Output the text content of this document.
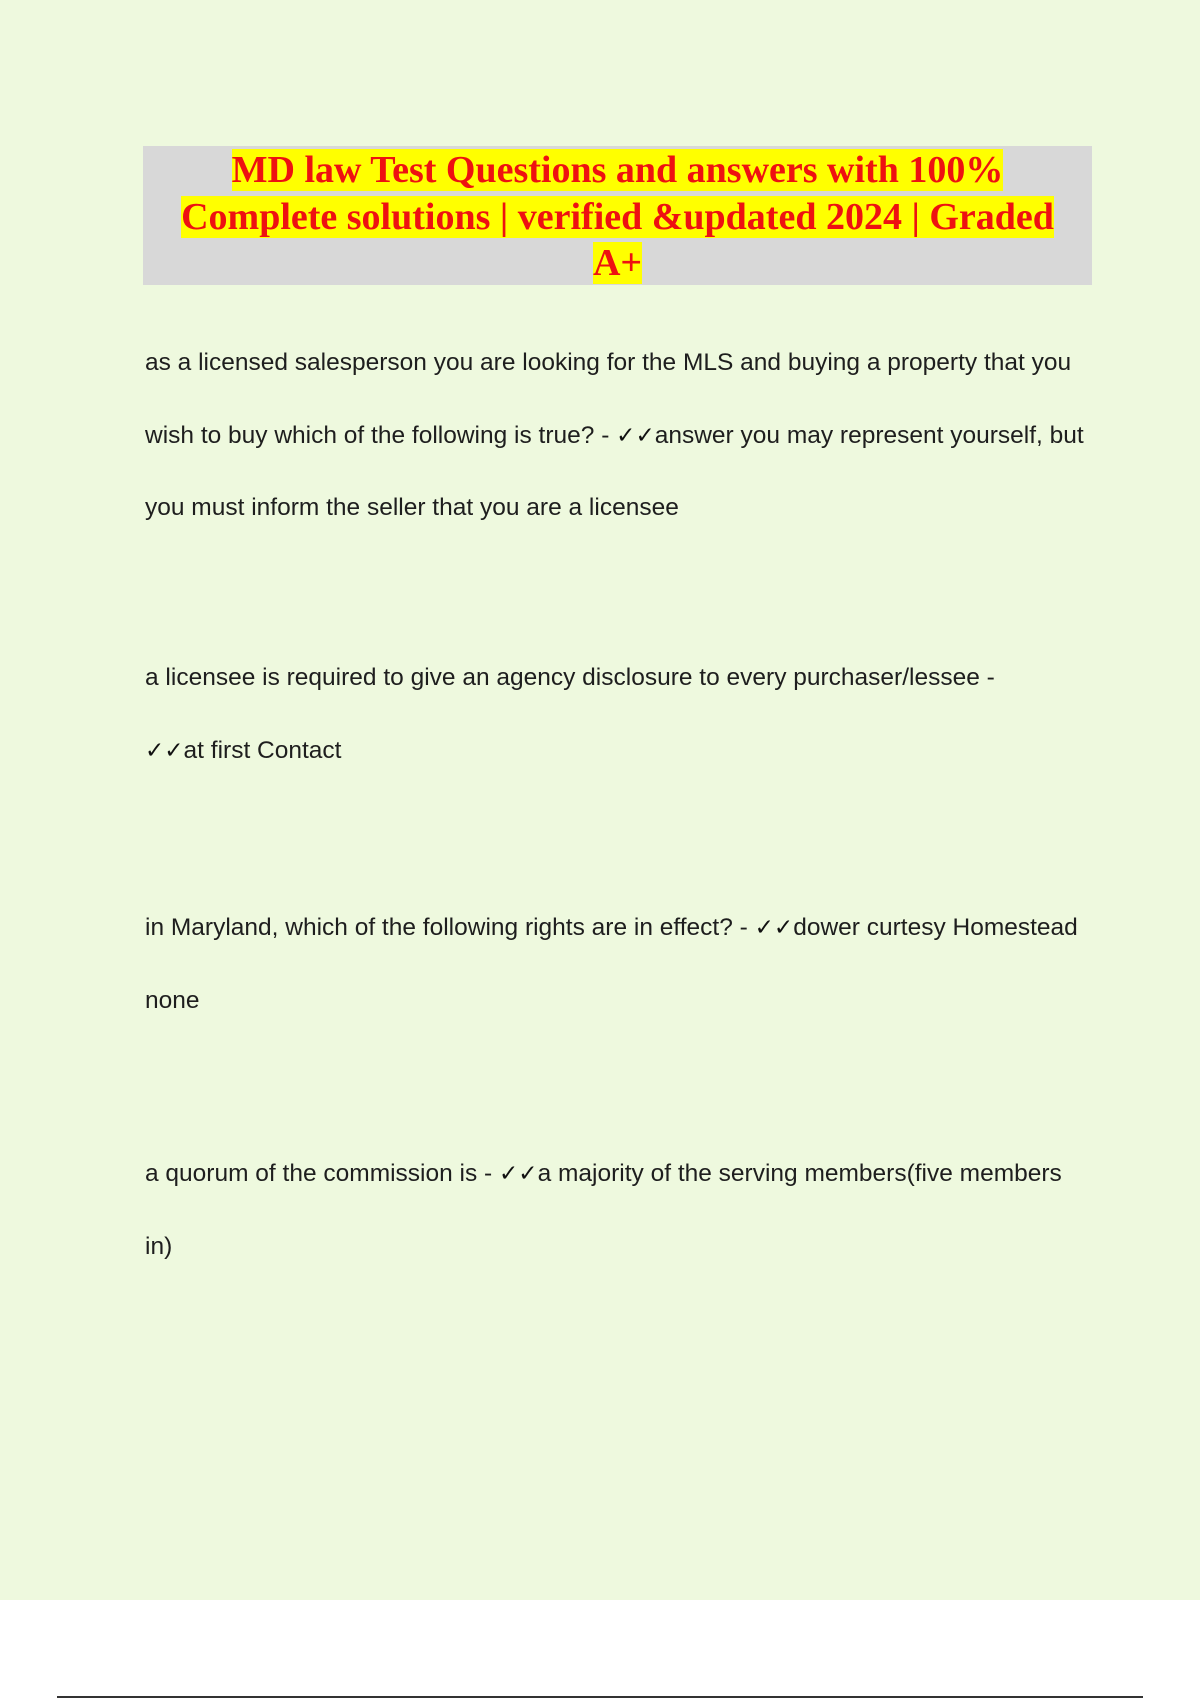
MD law Test Questions and answers with 100%
Complete solutions | verified &updated 2024 | Graded
A+

as a licensed salesperson you are looking for the MLS and buying a property that you wish to buy which of the following is true? - ✓✓answer you may represent yourself, but you must inform the seller that you are a licensee

a licensee is required to give an agency disclosure to every purchaser/lessee -
✓✓at first Contact

in Maryland, which of the following rights are in effect? - ✓✓dower curtesy Homestead none

a quorum of the commission is - ✓✓a majority of the serving members(five members in)
